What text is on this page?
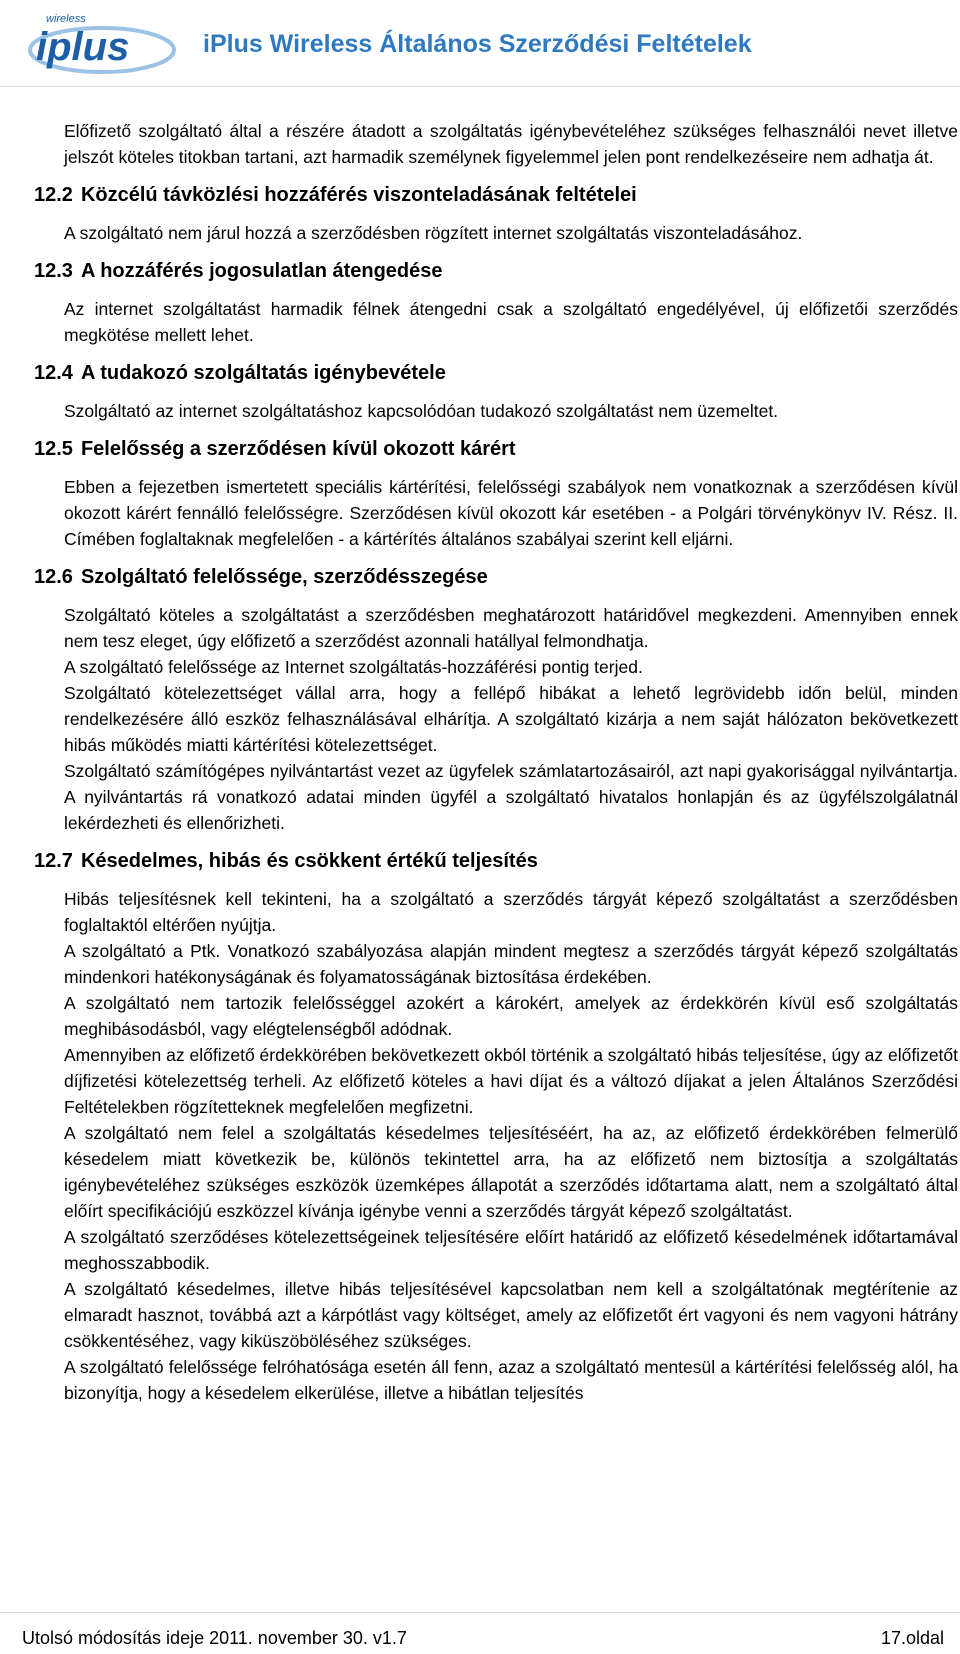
wireless
iplus	iPlus Wireless Általános Szerződési Feltételek

Előfizető szolgáltató által a részére átadott a szolgáltatás igénybevételéhez szükséges felhasználói nevet illetve jelszót köteles titokban tartani, azt harmadik személynek figyelemmel jelen pont rendelkezéseire nem adhatja át.

12.2 Közcélú távközlési hozzáférés viszonteladásának feltételei

A szolgáltató nem járul hozzá a szerződésben rögzített internet szolgáltatás viszonteladásához.

12.3 A hozzáférés jogosulatlan átengedése

Az internet szolgáltatást harmadik félnek átengedni csak a szolgáltató engedélyével, új előfizetői szerződés megkötése mellett lehet.

12.4 A tudakozó szolgáltatás igénybevétele

Szolgáltató az internet szolgáltatáshoz kapcsolódóan tudakozó szolgáltatást nem üzemeltet.

12.5 Felelősség a szerződésen kívül okozott kárért

Ebben a fejezetben ismertetett speciális kártérítési, felelősségi szabályok nem vonatkoznak a szerződésen kívül okozott kárért fennálló felelősségre. Szerződésen kívül okozott kár esetében - a Polgári törvénykönyv IV. Rész. II. Címében foglaltaknak megfelelően - a kártérítés általános szabályai szerint kell eljárni.

12.6 Szolgáltató felelőssége, szerződésszegése

Szolgáltató köteles a szolgáltatást a szerződésben meghatározott határidővel megkezdeni. Amennyiben ennek nem tesz eleget, úgy előfizető a szerződést azonnali hatállyal felmondhatja.

A szolgáltató felelőssége az Internet szolgáltatás-hozzáférési pontig terjed.

Szolgáltató kötelezettséget vállal arra, hogy a fellépő hibákat a lehető legrövidebb időn belül, minden rendelkezésére álló eszköz felhasználásával elhárítja. A szolgáltató kizárja a nem saját hálózaton bekövetkezett hibás működés miatti kártérítési kötelezettséget.

Szolgáltató számítógépes nyilvántartást vezet az ügyfelek számlatartozásairól, azt napi gyakorisággal nyilvántartja. A nyilvántartás rá vonatkozó adatai minden ügyfél a szolgáltató hivatalos honlapján és az ügyfélszolgálatnál lekérdezheti és ellenőrizheti.

12.7 Késedelmes, hibás és csökkent értékű teljesítés

Hibás teljesítésnek kell tekinteni, ha a szolgáltató a szerződés tárgyát képező szolgáltatást a szerződésben foglaltaktól eltérően nyújtja.

A szolgáltató a Ptk. Vonatkozó szabályozása alapján mindent megtesz a szerződés tárgyát képező szolgáltatás mindenkori hatékonyságának és folyamatosságának biztosítása érdekében.

A szolgáltató nem tartozik felelősséggel azokért a károkért, amelyek az érdekkörén kívül eső szolgáltatás meghibásodásból, vagy elégtelenségből adódnak.

Amennyiben az előfizető érdekkörében bekövetkezett okból történik a szolgáltató hibás teljesítése, úgy az előfizetőt díjfizetési kötelezettség terheli. Az előfizető köteles a havi díjat és a változó díjakat a jelen Általános Szerződési Feltételekben rögzítetteknek megfelelően megfizetni.

A szolgáltató nem felel a szolgáltatás késedelmes teljesítéséért, ha az, az előfizető érdekkörében felmerülő késedelem miatt következik be, különös tekintettel arra, ha az előfizető nem biztosítja a szolgáltatás igénybevételéhez szükséges eszközök üzemképes állapotát a szerződés időtartama alatt, nem a szolgáltató által előírt specifikációjú eszközzel kívánja igénybe venni a szerződés tárgyát képező szolgáltatást.

A szolgáltató szerződéses kötelezettségeinek teljesítésére előírt határidő az előfizető késedelmének időtartamával meghosszabbodik.

A szolgáltató késedelmes, illetve hibás teljesítésével kapcsolatban nem kell a szolgáltatónak megtérítenie az elmaradt hasznot, továbbá azt a kárpótlást vagy költséget, amely az előfizetőt ért vagyoni és nem vagyoni hátrány csökkentéséhez, vagy kiküszöböléséhez szükséges.

A szolgáltató felelőssége felróhatósága esetén áll fenn, azaz a szolgáltató mentesül a kártérítési felelősség alól, ha bizonyítja, hogy a késedelem elkerülése, illetve a hibátlan teljesítés

Utolsó módosítás ideje 2011. november 30. v1.7	17.oldal
